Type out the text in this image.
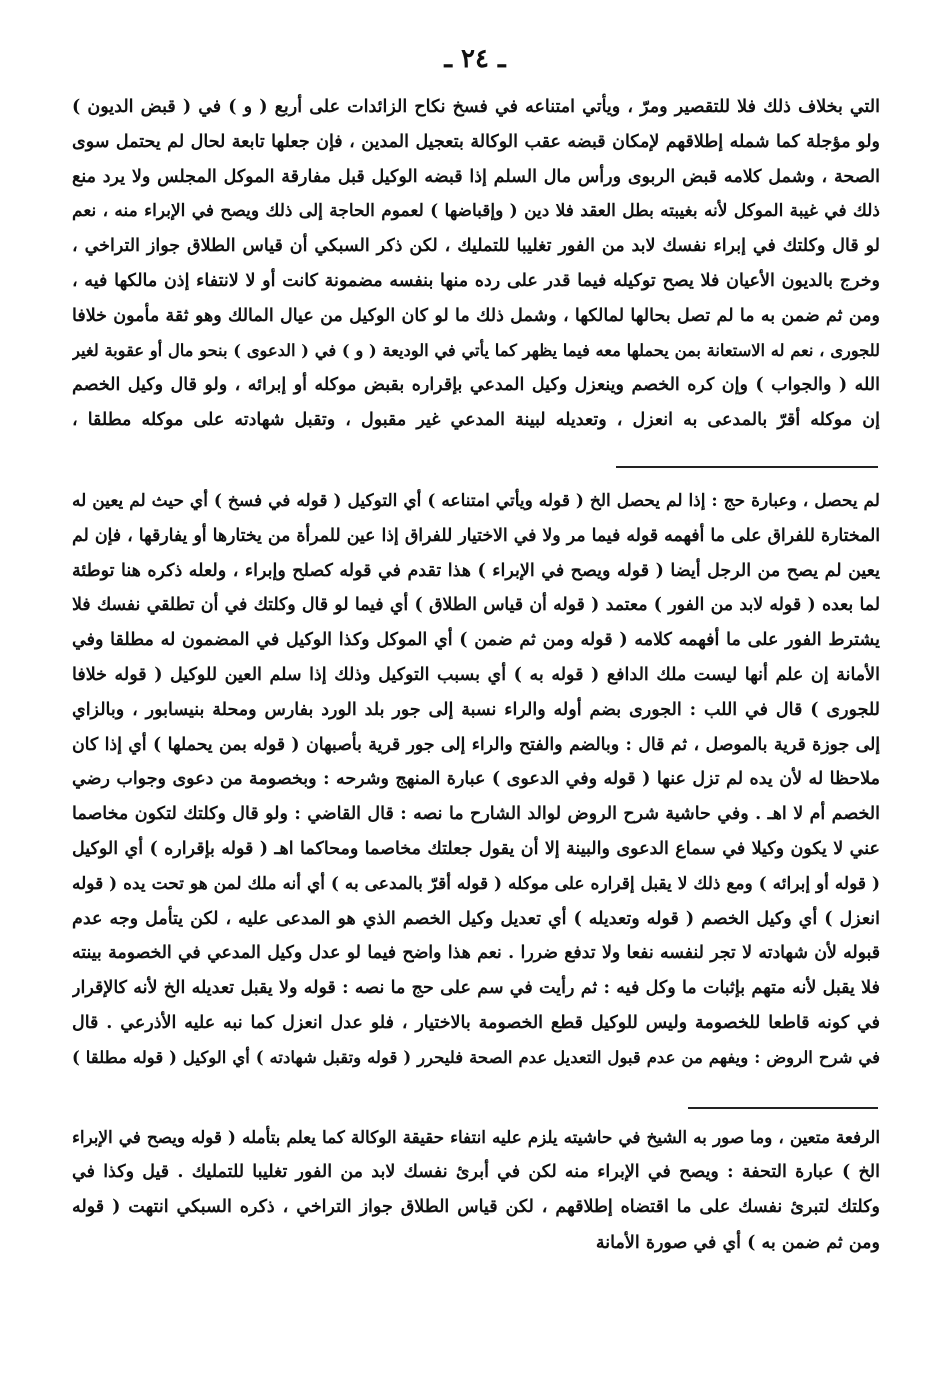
ـ ٢٤ ـ
التي بخلاف ذلك فلا للتقصير ومرّ ، ويأتي امتناعه في فسخ نكاح الزائدات على أربع ( و ) في ( قبض الديون )
ولو مؤجلة كما شمله إطلاقهم لإمكان قبضه عقب الوكالة بتعجيل المدين ، فإن جعلها تابعة لحال لم يحتمل سوى
الصحة ، وشمل كلامه قبض الربوى ورأس مال السلم إذا قبضه الوكيل قبل مفارقة الموكل المجلس ولا يرد منع
ذلك في غيبة الموكل لأنه بغيبته بطل العقد فلا دين ( وإقباضها ) لعموم الحاجة إلى ذلك ويصح في الإبراء منه ، نعم
لو قال وكلتك في إبراء نفسك لابد من الفور تغليبا للتمليك ، لكن ذكر السبكي أن قياس الطلاق جواز التراخي ،
وخرج بالديون الأعيان فلا يصح توكيله فيما قدر على رده منها بنفسه مضمونة كانت أو لا لانتفاء إذن مالكها فيه ،
ومن ثم ضمن به ما لم تصل بحالها لمالكها ، وشمل ذلك ما لو كان الوكيل من عيال المالك وهو ثقة مأمون خلافا
للجورى ، نعم له الاستعانة بمن يحملها معه فيما يظهر كما يأتي في الوديعة ( و ) في ( الدعوى ) بنحو مال أو عقوبة لغير
الله ( والجواب ) وإن كره الخصم وينعزل وكيل المدعي بإقراره بقبض موكله أو إبرائه ، ولو قال وكيل الخصم
إن موكله أقرّ بالمدعى به انعزل ، وتعديله لبينة المدعي غير مقبول ، وتقبل شهادته على موكله مطلقا ،
لم يحصل ، وعبارة حج : إذا لم يحصل الخ ( قوله ويأتي امتناعه ) أي التوكيل ( قوله في فسخ ) أي حيث لم يعين له
المختارة للفراق على ما أفهمه قوله فيما مر ولا في الاختيار للفراق إذا عين للمرأة من يختارها أو يفارقها ، فإن لم
يعين لم يصح من الرجل أيضا ( قوله ويصح في الإبراء ) هذا تقدم في قوله كصلح وإبراء ، ولعله ذكره هنا توطئة
لما بعده ( قوله لابد من الفور ) معتمد ( قوله أن قياس الطلاق ) أي فيما لو قال وكلتك في أن تطلقي نفسك فلا
يشترط الفور على ما أفهمه كلامه ( قوله ومن ثم ضمن ) أي الموكل وكذا الوكيل في المضمون له مطلقا وفي
الأمانة إن علم أنها ليست ملك الدافع ( قوله به ) أي بسبب التوكيل وذلك إذا سلم العين للوكيل ( قوله خلافا
للجورى ) قال في اللب : الجورى بضم أوله والراء نسبة إلى جور بلد الورد بفارس ومحلة بنيسابور ، وبالزاي
إلى جوزة قرية بالموصل ، ثم قال : وبالضم والفتح والراء إلى جور قرية بأصبهان ( قوله بمن يحملها ) أي إذا كان
ملاحظا له لأن يده لم تزل عنها ( قوله وفي الدعوى ) عبارة المنهج وشرحه : وبخصومة من دعوى وجواب رضي
الخصم أم لا اهـ . وفي حاشية شرح الروض لوالد الشارح ما نصه : قال القاضي : ولو قال وكلتك لتكون مخاصما
عني لا يكون وكيلا في سماع الدعوى والبينة إلا أن يقول جعلتك مخاصما ومحاكما اهـ ( قوله بإقراره ) أي الوكيل
( قوله أو إبرائه ) ومع ذلك لا يقبل إقراره على موكله ( قوله أقرّ بالمدعى به ) أي أنه ملك لمن هو تحت يده ( قوله
انعزل ) أي وكيل الخصم ( قوله وتعديله ) أي تعديل وكيل الخصم الذي هو المدعى عليه ، لكن يتأمل وجه عدم
قبوله لأن شهادته لا تجر لنفسه نفعا ولا تدفع ضررا . نعم هذا واضح فيما لو عدل وكيل المدعي في الخصومة بينته
فلا يقبل لأنه متهم بإثبات ما وكل فيه : ثم رأيت في سم على حج ما نصه : قوله ولا يقبل تعديله الخ لأنه كالإقرار
في كونه قاطعا للخصومة وليس للوكيل قطع الخصومة بالاختيار ، فلو عدل انعزل كما نبه عليه الأذرعي . قال
في شرح الروض : ويفهم من عدم قبول التعديل عدم الصحة فليحرر ( قوله وتقبل شهادته ) أي الوكيل ( قوله مطلقا )
الرفعة متعين ، وما صور به الشيخ في حاشيته يلزم عليه انتفاء حقيقة الوكالة كما يعلم بتأمله ( قوله ويصح في الإبراء
الخ ) عبارة التحفة : ويصح في الإبراء منه لكن في أبرئ نفسك لابد من الفور تغليبا للتمليك . قيل وكذا في
وكلتك لتبرئ نفسك على ما اقتضاه إطلاقهم ، لكن قياس الطلاق جواز التراخي ، ذكره السبكي انتهت ( قوله
ومن ثم ضمن به ) أي في صورة الأمانة
